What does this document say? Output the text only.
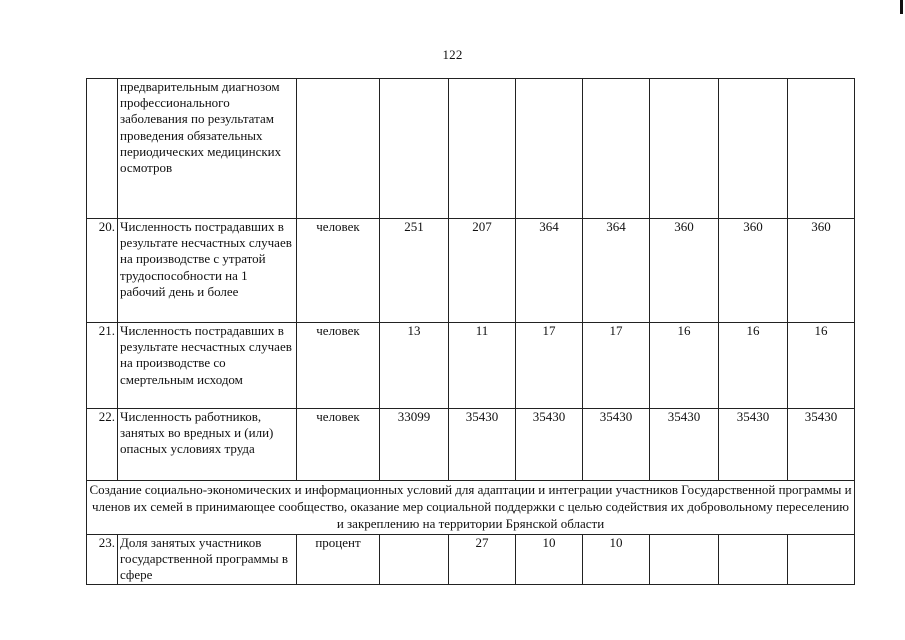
122
	предварительным диагнозом профессионального заболевания по результатам проведения обязательных периодических медицинских осмотров								
20.	Численность пострадавших в результате несчастных случаев на производстве с утратой трудоспособности на 1 рабочий день и более	человек	251	207	364	364	360	360	360
21.	Численность пострадавших в результате несчастных случаев на производстве со смертельным исходом	человек	13	11	17	17	16	16	16
22.	Численность работников, занятых во вредных и (или) опасных условиях труда	человек	33099	35430	35430	35430	35430	35430	35430
Создание социально-экономических и информационных условий для адаптации и интеграции участников Государственной программы и членов их семей в принимающее сообщество, оказание мер социальной поддержки с целью содействия их добровольному переселению и закреплению на территории Брянской области									
23.	Доля занятых участников государственной программы в сфере	процент		27	10	10			
